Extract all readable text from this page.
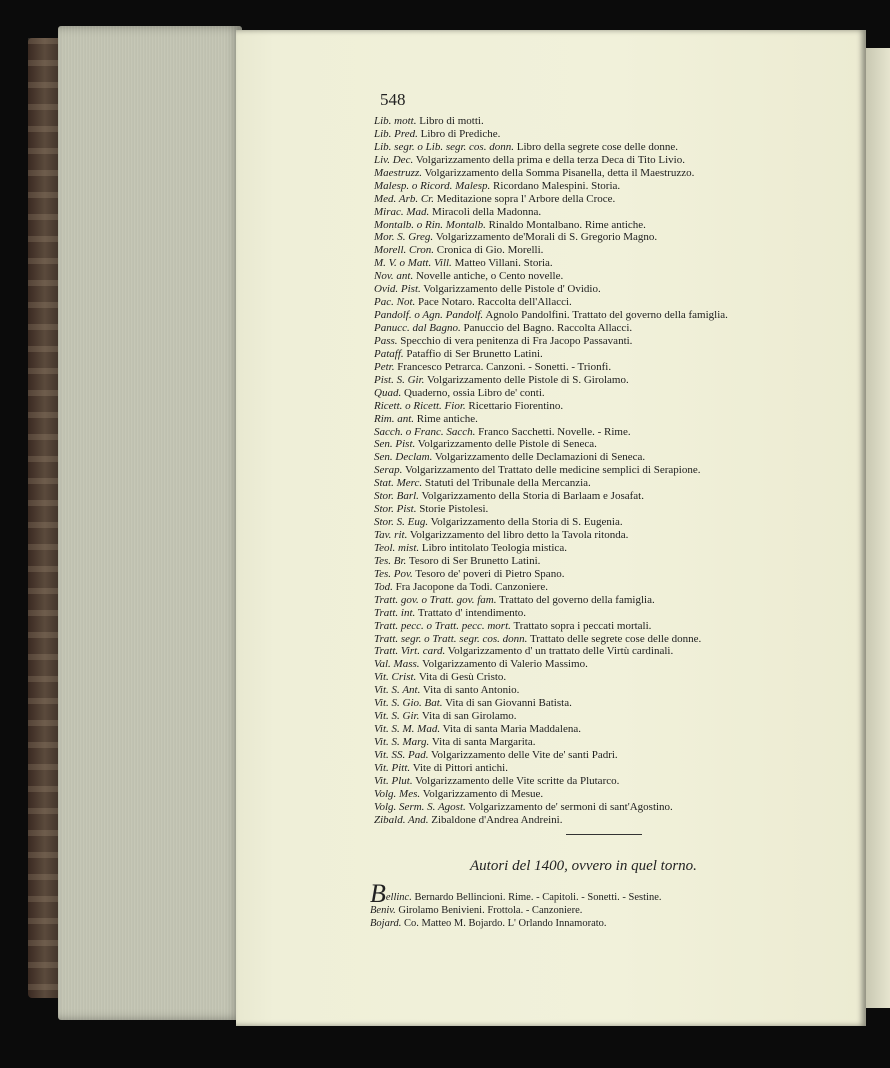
548
Lib. mott. Libro di motti.
Lib. Pred. Libro di Prediche.
Lib. segr. o Lib. segr. cos. donn. Libro della segrete cose delle donne.
Liv. Dec. Volgarizzamento della prima e della terza Deca di Tito Livio.
Maestruzz. Volgarizzamento della Somma Pisanella, detta il Maestruzzo.
Malesp. o Ricord. Malesp. Ricordano Malespini. Storia.
Med. Arb. Cr. Meditazione sopra l' Arbore della Croce.
Mirac. Mad. Miracoli della Madonna.
Montalb. o Rin. Montalb. Rinaldo Montalbano. Rime antiche.
Mor. S. Greg. Volgarizzamento de'Morali di S. Gregorio Magno.
Morell. Cron. Cronica di Gio. Morelli.
M. V. o Matt. Vill. Matteo Villani. Storia.
Nov. ant. Novelle antiche, o Cento novelle.
Ovid. Pist. Volgarizzamento delle Pistole d' Ovidio.
Pac. Not. Pace Notaro. Raccolta dell'Allacci.
Pandolf. o Agn. Pandolf. Agnolo Pandolfini. Trattato del governo della famiglia.
Panucc. dal Bagno. Panuccio del Bagno. Raccolta Allacci.
Pass. Specchio di vera penitenza di Fra Jacopo Passavanti.
Pataff. Pataffio di Ser Brunetto Latini.
Petr. Francesco Petrarca. Canzoni. - Sonetti. - Trionfi.
Pist. S. Gir. Volgarizzamento delle Pistole di S. Girolamo.
Quad. Quaderno, ossia Libro de' conti.
Ricett. o Ricett. Fior. Ricettario Fiorentino.
Rim. ant. Rime antiche.
Sacch. o Franc. Sacch. Franco Sacchetti. Novelle. - Rime.
Sen. Pist. Volgarizzamento delle Pistole di Seneca.
Sen. Declam. Volgarizzamento delle Declamazioni di Seneca.
Serap. Volgarizzamento del Trattato delle medicine semplici di Serapione.
Stat. Merc. Statuti del Tribunale della Mercanzia.
Stor. Barl. Volgarizzamento della Storia di Barlaam e Josafat.
Stor. Pist. Storie Pistolesi.
Stor. S. Eug. Volgarizzamento della Storia di S. Eugenia.
Tav. rit. Volgarizzamento del libro detto la Tavola ritonda.
Teol. mist. Libro intitolato Teologia mistica.
Tes. Br. Tesoro di Ser Brunetto Latini.
Tes. Pov. Tesoro de' poveri di Pietro Spano.
Tod. Fra Jacopone da Todi. Canzoniere.
Tratt. gov. o Tratt. gov. fam. Trattato del governo della famiglia.
Tratt. int. Trattato d' intendimento.
Tratt. pecc. o Tratt. pecc. mort. Trattato sopra i peccati mortali.
Tratt. segr. o Tratt. segr. cos. donn. Trattato delle segrete cose delle donne.
Tratt. Virt. card. Volgarizzamento d' un trattato delle Virtù cardinali.
Val. Mass. Volgarizzamento di Valerio Massimo.
Vit. Crist. Vita di Gesù Cristo.
Vit. S. Ant. Vita di santo Antonio.
Vit. S. Gio. Bat. Vita di san Giovanni Batista.
Vit. S. Gir. Vita di san Girolamo.
Vit. S. M. Mad. Vita di santa Maria Maddalena.
Vit. S. Marg. Vita di santa Margarita.
Vit. SS. Pad. Volgarizzamento delle Vite de' santi Padri.
Vit. Pitt. Vite di Pittori antichi.
Vit. Plut. Volgarizzamento delle Vite scritte da Plutarco.
Volg. Mes. Volgarizzamento di Mesue.
Volg. Serm. S. Agost. Volgarizzamento de' sermoni di sant'Agostino.
Zibald. And. Zibaldone d'Andrea Andreini.
Autori del 1400, ovvero in quel torno.
Bellinc. Bernardo Bellincioni. Rime. - Capitoli. - Sonetti. - Sestine.
Beniv. Girolamo Benivieni. Frottola. - Canzoniere.
Bojard. Co. Matteo M. Bojardo. L' Orlando Innamorato.
